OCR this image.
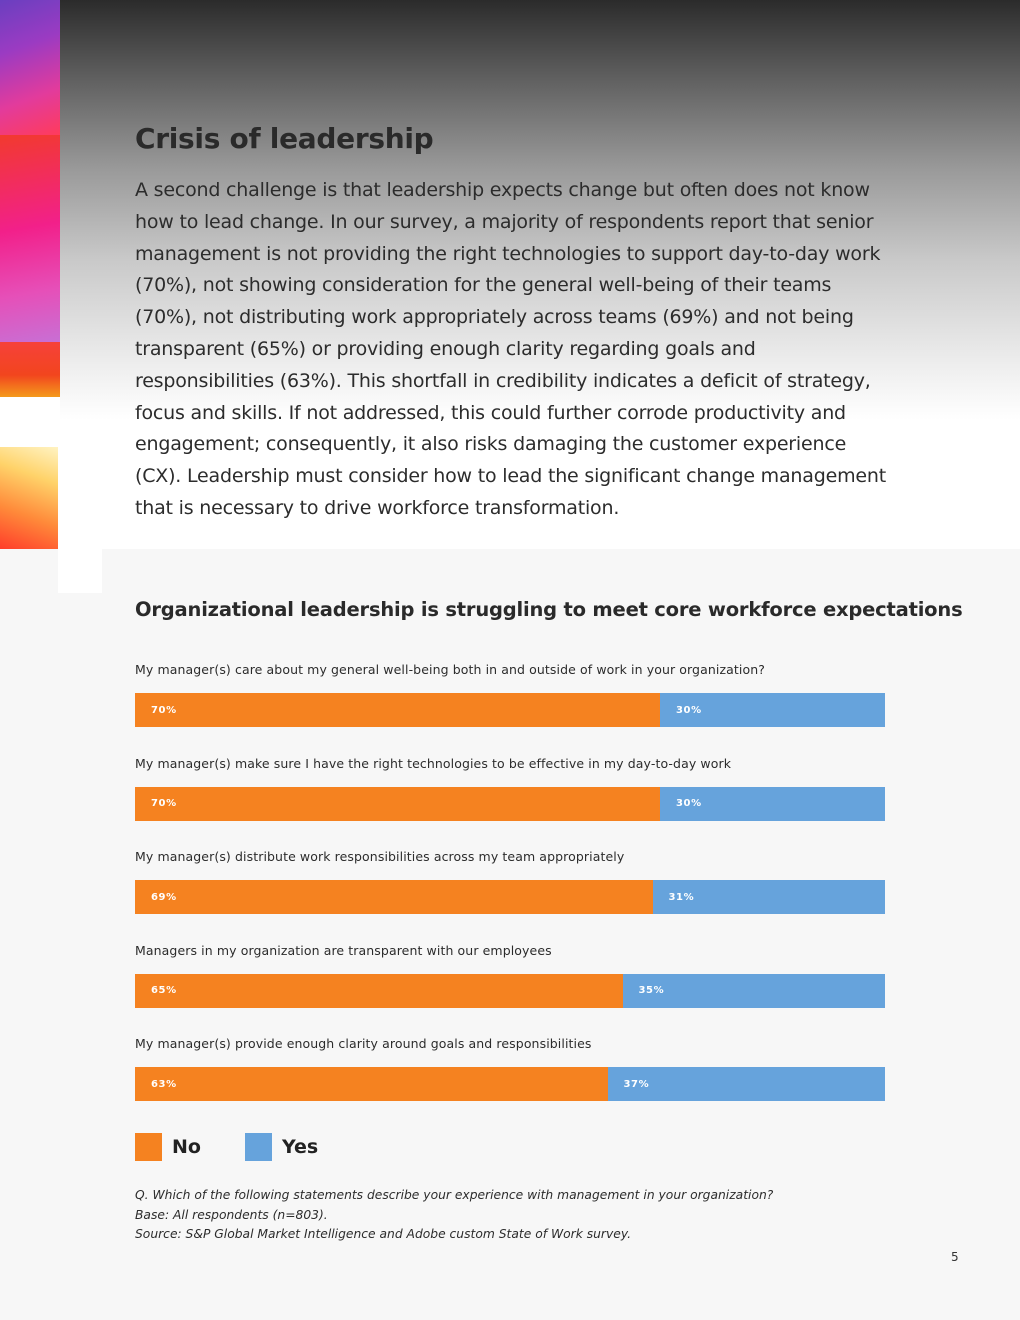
Crisis of leadership

A second challenge is that leadership expects change but often does not know how to lead change. In our survey, a majority of respondents report that senior management is not providing the right technologies to support day-to-day work (70%), not showing consideration for the general well-being of their teams (70%), not distributing work appropriately across teams (69%) and not being transparent (65%) or providing enough clarity regarding goals and responsibilities (63%). This shortfall in credibility indicates a deficit of strategy, focus and skills. If not addressed, this could further corrode productivity and engagement; consequently, it also risks damaging the customer experience (CX). Leadership must consider how to lead the significant change management that is necessary to drive workforce transformation.

Organizational leadership is struggling to meet core workforce expectations
My manager(s) care about my general well-being both in and outside of work in your organization?
70%	30%
My manager(s) make sure I have the right technologies to be effective in my day-to-day work
70%	30%
My manager(s) distribute work responsibilities across my team appropriately
69%	31%
Managers in my organization are transparent with our employees
65%	35%
My manager(s) provide enough clarity around goals and responsibilities
63%	37%
No	Yes
Q. Which of the following statements describe your experience with management in your organization?
Base: All respondents (n=803).
Source: S&P Global Market Intelligence and Adobe custom State of Work survey.
5
